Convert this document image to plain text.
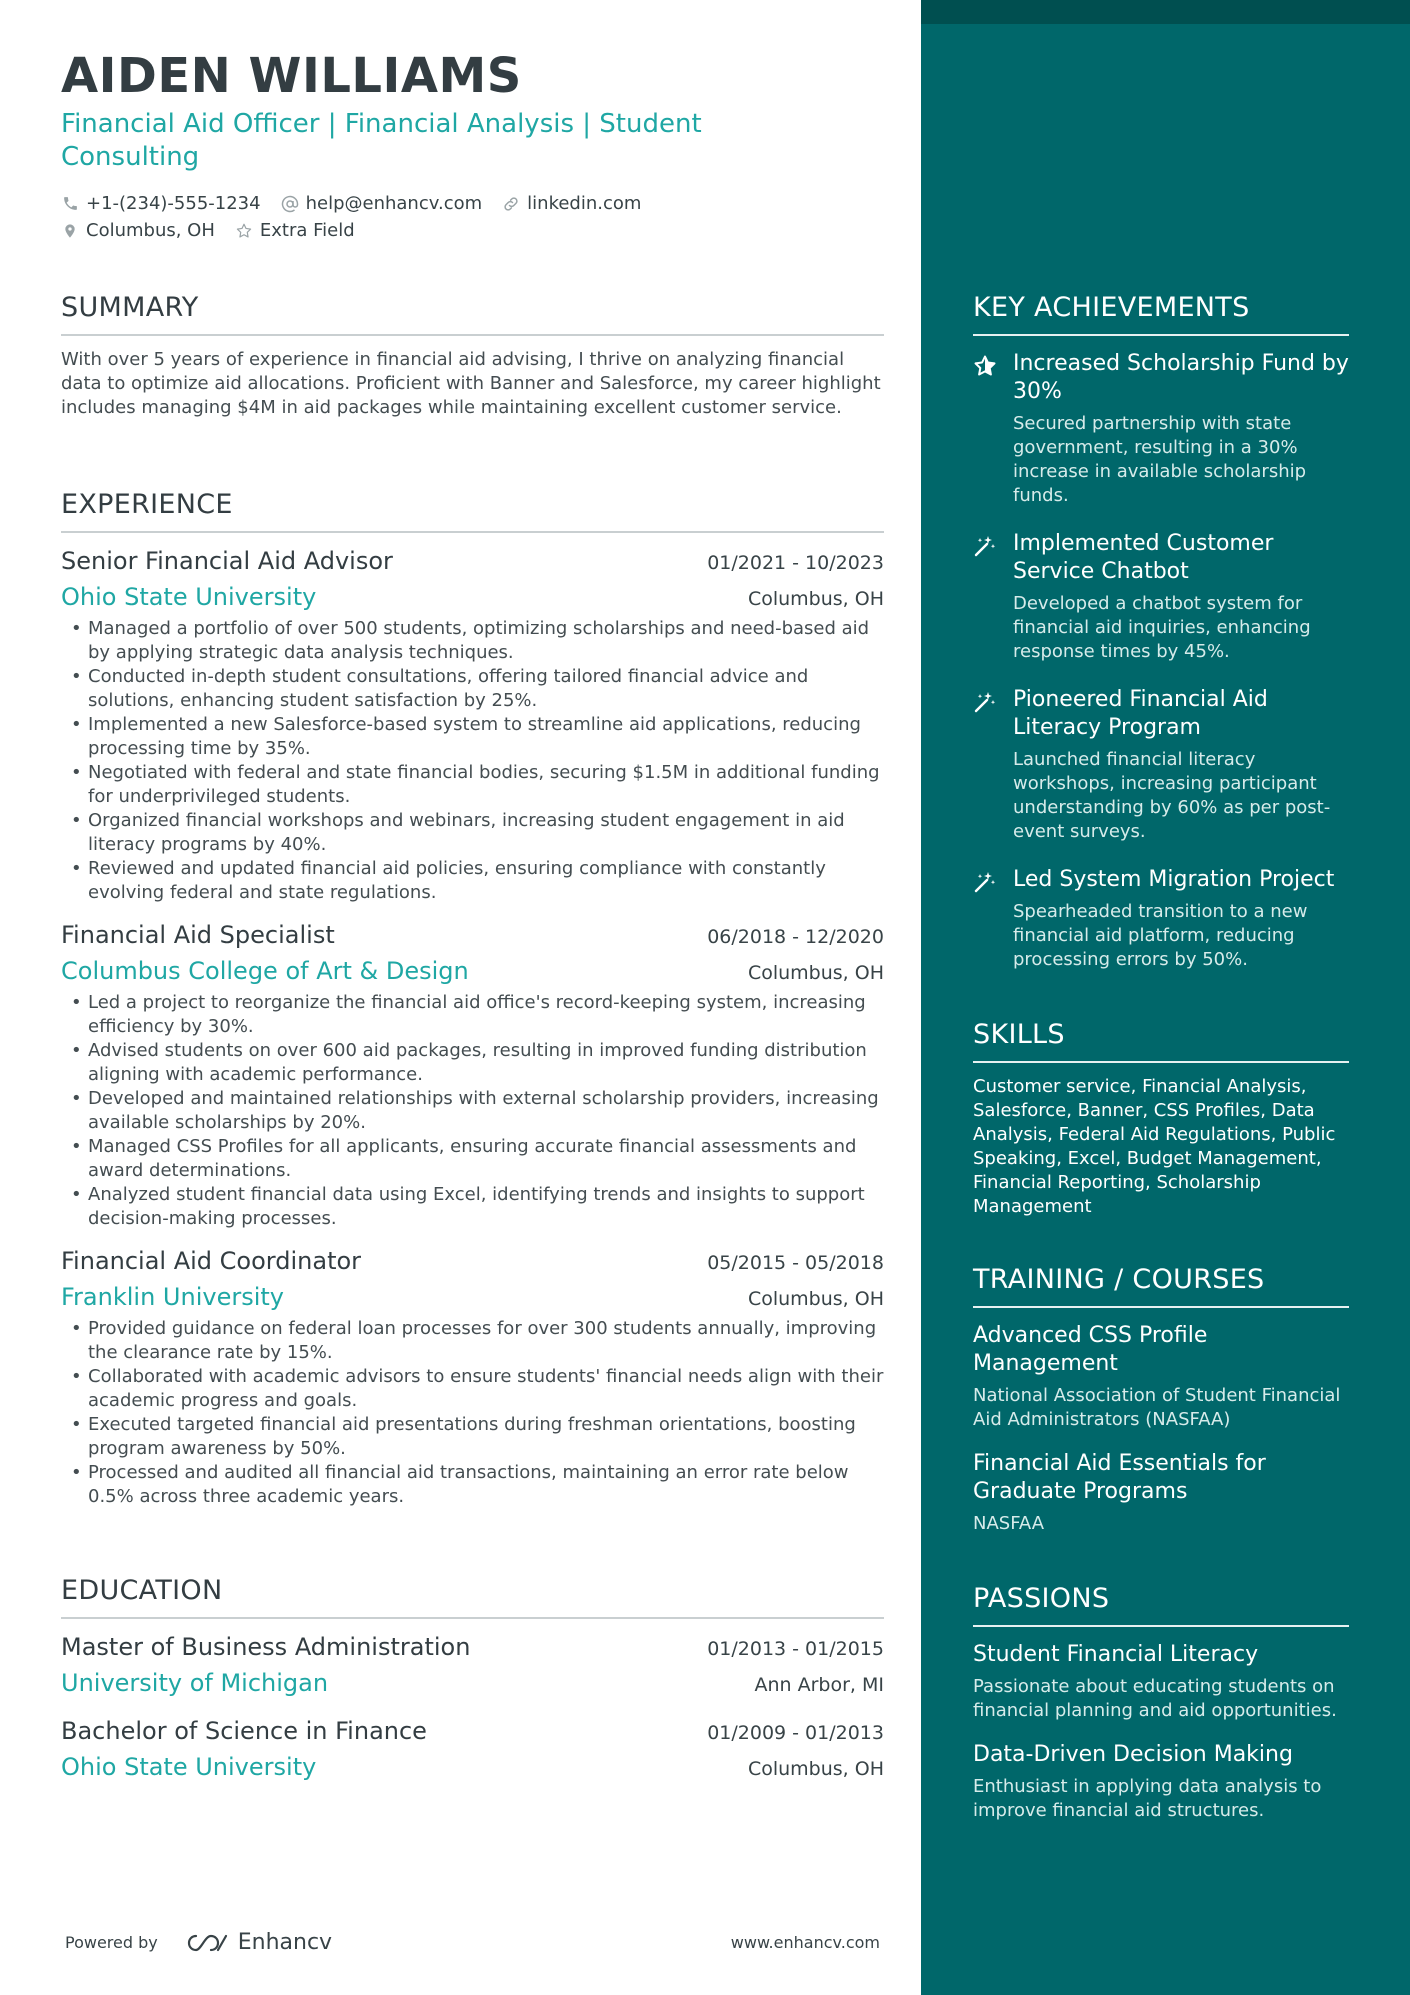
AIDEN WILLIAMS
Financial Aid Officer | Financial Analysis | Student Consulting
+1-(234)-555-1234	help@enhancv.com	linkedin.com
Columbus, OH	Extra Field
SUMMARY
With over 5 years of experience in financial aid advising, I thrive on analyzing financial data to optimize aid allocations. Proficient with Banner and Salesforce, my career highlight includes managing $4M in aid packages while maintaining excellent customer service.
EXPERIENCE
Senior Financial Aid Advisor	01/2021 - 10/2023
Ohio State University	Columbus, OH
• Managed a portfolio of over 500 students, optimizing scholarships and need-based aid by applying strategic data analysis techniques.
• Conducted in-depth student consultations, offering tailored financial advice and solutions, enhancing student satisfaction by 25%.
• Implemented a new Salesforce-based system to streamline aid applications, reducing processing time by 35%.
• Negotiated with federal and state financial bodies, securing $1.5M in additional funding for underprivileged students.
• Organized financial workshops and webinars, increasing student engagement in aid literacy programs by 40%.
• Reviewed and updated financial aid policies, ensuring compliance with constantly evolving federal and state regulations.
Financial Aid Specialist	06/2018 - 12/2020
Columbus College of Art & Design	Columbus, OH
• Led a project to reorganize the financial aid office's record-keeping system, increasing efficiency by 30%.
• Advised students on over 600 aid packages, resulting in improved funding distribution aligning with academic performance.
• Developed and maintained relationships with external scholarship providers, increasing available scholarships by 20%.
• Managed CSS Profiles for all applicants, ensuring accurate financial assessments and award determinations.
• Analyzed student financial data using Excel, identifying trends and insights to support decision-making processes.
Financial Aid Coordinator	05/2015 - 05/2018
Franklin University	Columbus, OH
• Provided guidance on federal loan processes for over 300 students annually, improving the clearance rate by 15%.
• Collaborated with academic advisors to ensure students' financial needs align with their academic progress and goals.
• Executed targeted financial aid presentations during freshman orientations, boosting program awareness by 50%.
• Processed and audited all financial aid transactions, maintaining an error rate below 0.5% across three academic years.
EDUCATION
Master of Business Administration	01/2013 - 01/2015
University of Michigan	Ann Arbor, MI
Bachelor of Science in Finance	01/2009 - 01/2013
Ohio State University	Columbus, OH
KEY ACHIEVEMENTS
Increased Scholarship Fund by 30%
Secured partnership with state government, resulting in a 30% increase in available scholarship funds.
Implemented Customer Service Chatbot
Developed a chatbot system for financial aid inquiries, enhancing response times by 45%.
Pioneered Financial Aid Literacy Program
Launched financial literacy workshops, increasing participant understanding by 60% as per post-event surveys.
Led System Migration Project
Spearheaded transition to a new financial aid platform, reducing processing errors by 50%.
SKILLS
Customer service, Financial Analysis, Salesforce, Banner, CSS Profiles, Data Analysis, Federal Aid Regulations, Public Speaking, Excel, Budget Management, Financial Reporting, Scholarship Management
TRAINING / COURSES
Advanced CSS Profile Management
National Association of Student Financial Aid Administrators (NASFAA)
Financial Aid Essentials for Graduate Programs
NASFAA
PASSIONS
Student Financial Literacy
Passionate about educating students on financial planning and aid opportunities.
Data-Driven Decision Making
Enthusiast in applying data analysis to improve financial aid structures.
Powered by	Enhancv	www.enhancv.com
